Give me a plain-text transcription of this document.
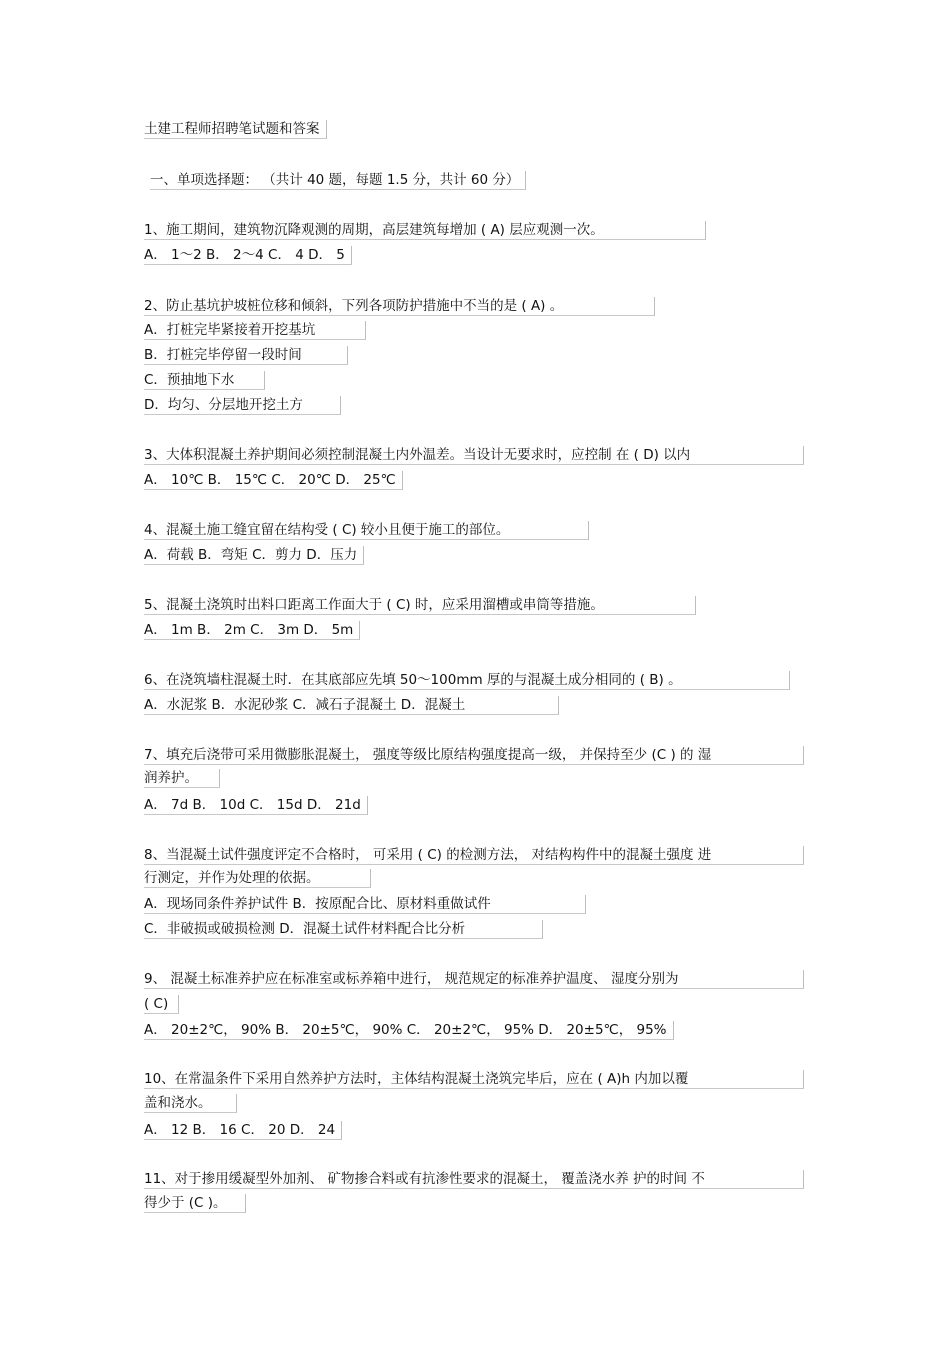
土建工程师招聘笔试题和答案
一、单项选择题： （共计 40 题，每题 1.5 分，共计 60 分）
1、施工期间，建筑物沉降观测的周期，高层建筑每增加 ( A) 层应观测一次。
A． 1～2 B． 2～4 C． 4 D． 5
2、防止基坑护坡桩位移和倾斜，下列各项防护措施中不当的是 ( A) 。
A．打桩完毕紧接着开挖基坑
B．打桩完毕停留一段时间
C．预抽地下水
D．均匀、分层地开挖土方
3、大体积混凝土养护期间必须控制混凝土内外温差。当设计无要求时，应控制 在 ( D) 以内
A． 10℃ B． 15℃ C． 20℃ D． 25℃
4、混凝土施工缝宜留在结构受 ( C) 较小且便于施工的部位。
A．荷载 B．弯矩 C．剪力 D．压力
5、混凝土浇筑时出料口距离工作面大于 ( C) 时，应采用溜槽或串筒等措施。
A． 1m B． 2m C． 3m D． 5m
6、在浇筑墙柱混凝土时．在其底部应先填 50～100mm 厚的与混凝土成分相同的 ( B) 。
A．水泥浆 B．水泥砂浆 C．减石子混凝土 D．混凝土
7、填充后浇带可采用微膨胀混凝土， 强度等级比原结构强度提高一级， 并保持至少 (C ) 的 湿
润养护。
A． 7d B． 10d C． 15d D． 21d
8、当混凝土试件强度评定不合格时， 可采用 ( C) 的检测方法， 对结构构件中的混凝土强度 进
行测定，并作为处理的依据。
A．现场同条件养护试件 B．按原配合比、原材料重做试件
C．非破损或破损检测 D．混凝土试件材料配合比分析
9、 混凝土标准养护应在标准室或标养箱中进行， 规范规定的标准养护温度、 湿度分别为
( C)
A． 20±2℃， 90% B． 20±5℃， 90% C． 20±2℃， 95% D． 20±5℃， 95%
10、在常温条件下采用自然养护方法时，主体结构混凝土浇筑完毕后，应在 ( A)h 内加以覆
盖和浇水。
A． 12 B． 16 C． 20 D． 24
11、对于掺用缓凝型外加剂、 矿物掺合料或有抗渗性要求的混凝土， 覆盖浇水养 护的时间 不
得少于 (C )。
